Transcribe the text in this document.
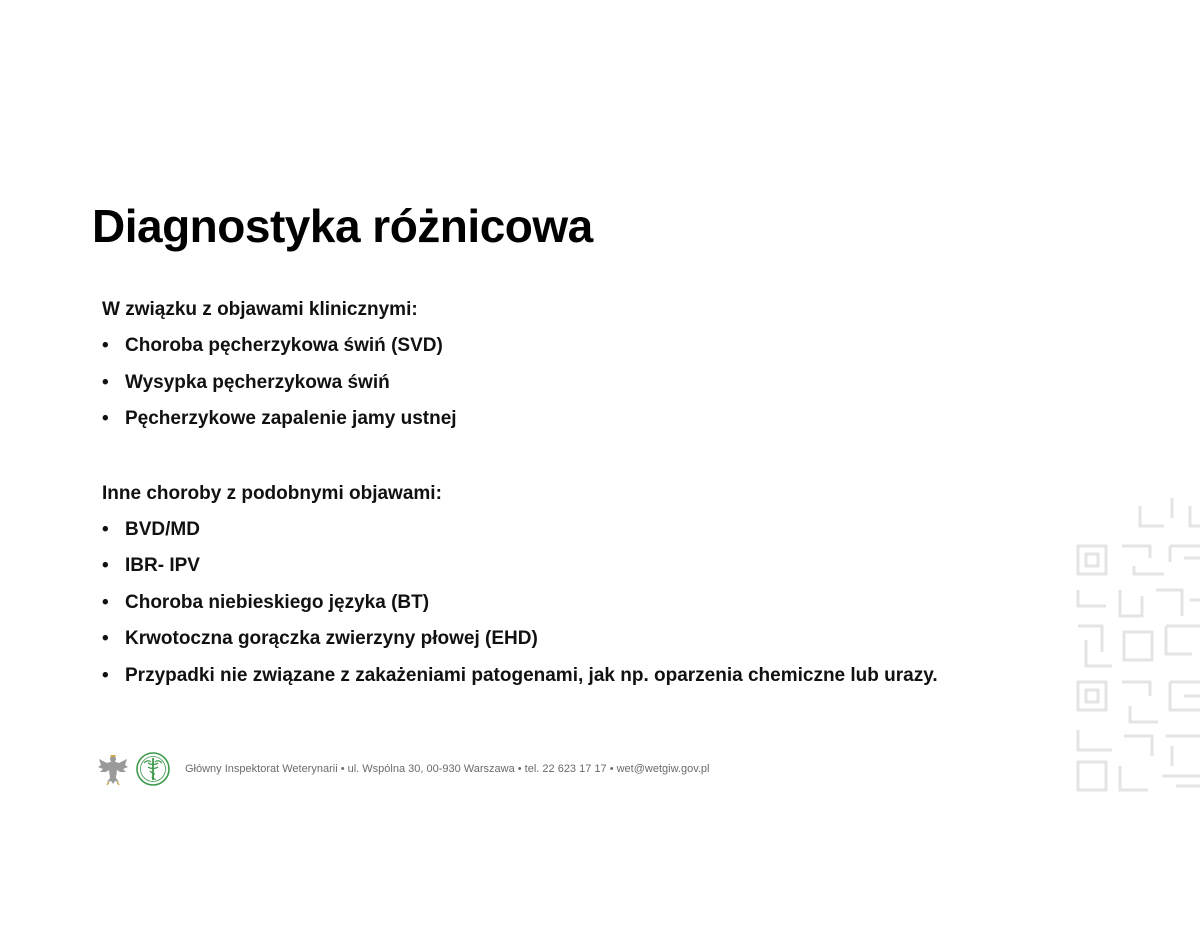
Diagnostyka różnicowa

W związku z objawami klinicznymi:

• Choroba pęcherzykowa świń (SVD)
• Wysypka pęcherzykowa świń
• Pęcherzykowe zapalenie jamy ustnej

Inne choroby z podobnymi objawami:

• BVD/MD
• IBR- IPV
• Choroba niebieskiego języka (BT)
• Krwotoczna gorączka zwierzyny płowej (EHD)
• Przypadki nie związane z zakażeniami patogenami, jak np. oparzenia chemiczne lub urazy.
Główny Inspektorat Weterynarii • ul. Wspólna 30, 00-930 Warszawa • tel. 22 623 17 17 • wet@wetgiw.gov.pl
